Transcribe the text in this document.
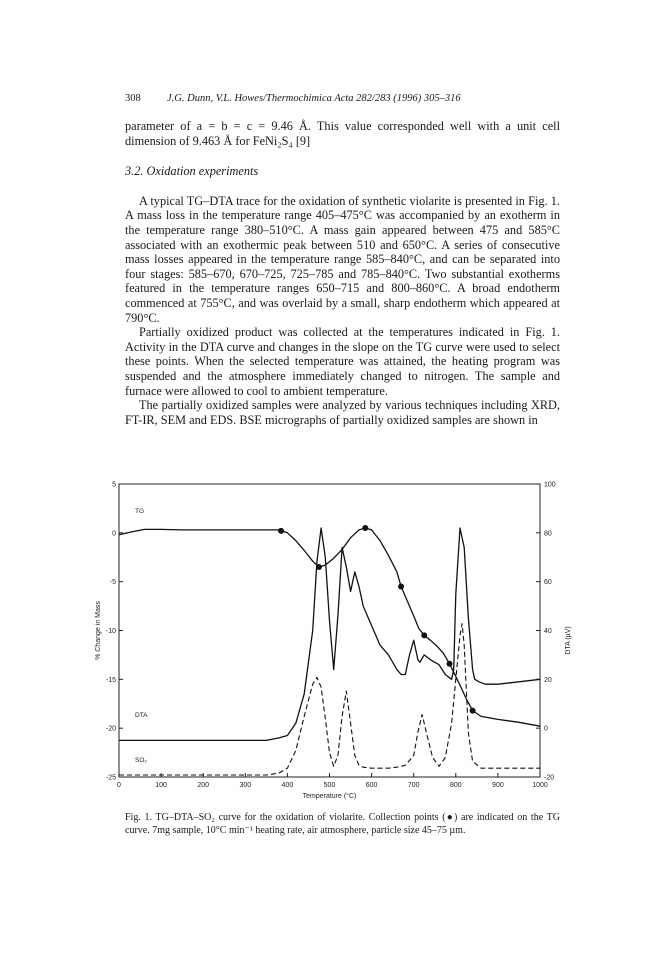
308	J.G. Dunn, V.L. Howes/Thermochimica Acta 282/283 (1996) 305–316

parameter of a = b = c = 9.46 Å. This value corresponded well with a unit cell dimension of 9.463 Å for FeNi₂S₄ [9]

3.2. Oxidation experiments

A typical TG–DTA trace for the oxidation of synthetic violarite is presented in Fig. 1. A mass loss in the temperature range 405–475°C was accompanied by an exotherm in the temperature range 380–510°C. A mass gain appeared between 475 and 585°C associated with an exothermic peak between 510 and 650°C. A series of consecutive mass losses appeared in the temperature range 585–840°C, and can be separated into four stages: 585–670, 670–725, 725–785 and 785–840°C. Two substantial exotherms featured in the temperature ranges 650–715 and 800–860°C. A broad endotherm commenced at 755°C, and was overlaid by a small, sharp endotherm which appeared at 790°C.

Partially oxidized product was collected at the temperatures indicated in Fig. 1. Activity in the DTA curve and changes in the slope on the TG curve were used to select these points. When the selected temperature was attained, the heating program was suspended and the atmosphere immediately changed to nitrogen. The sample and furnace were allowed to cool to ambient temperature.

The partially oxidized samples were analyzed by various techniques including XRD, FT-IR, SEM and EDS. BSE micrographs of partially oxidized samples are shown in

0	100	200	300	400	500	600	700	800	900	1000
5
0
-5
-10
-15
-20
-25
100
80
60
40
20
0
-20
Temperature (°C)
% Change in Mass	DTA (µV)
TG
DTA
SO₂
Fig. 1. TG–DTA–SO₂ curve for the oxidation of violarite. Collection points (●) are indicated on the TG curve. 7mg sample, 10°C min⁻¹ heating rate, air atmosphere, particle size 45–75 µm.
